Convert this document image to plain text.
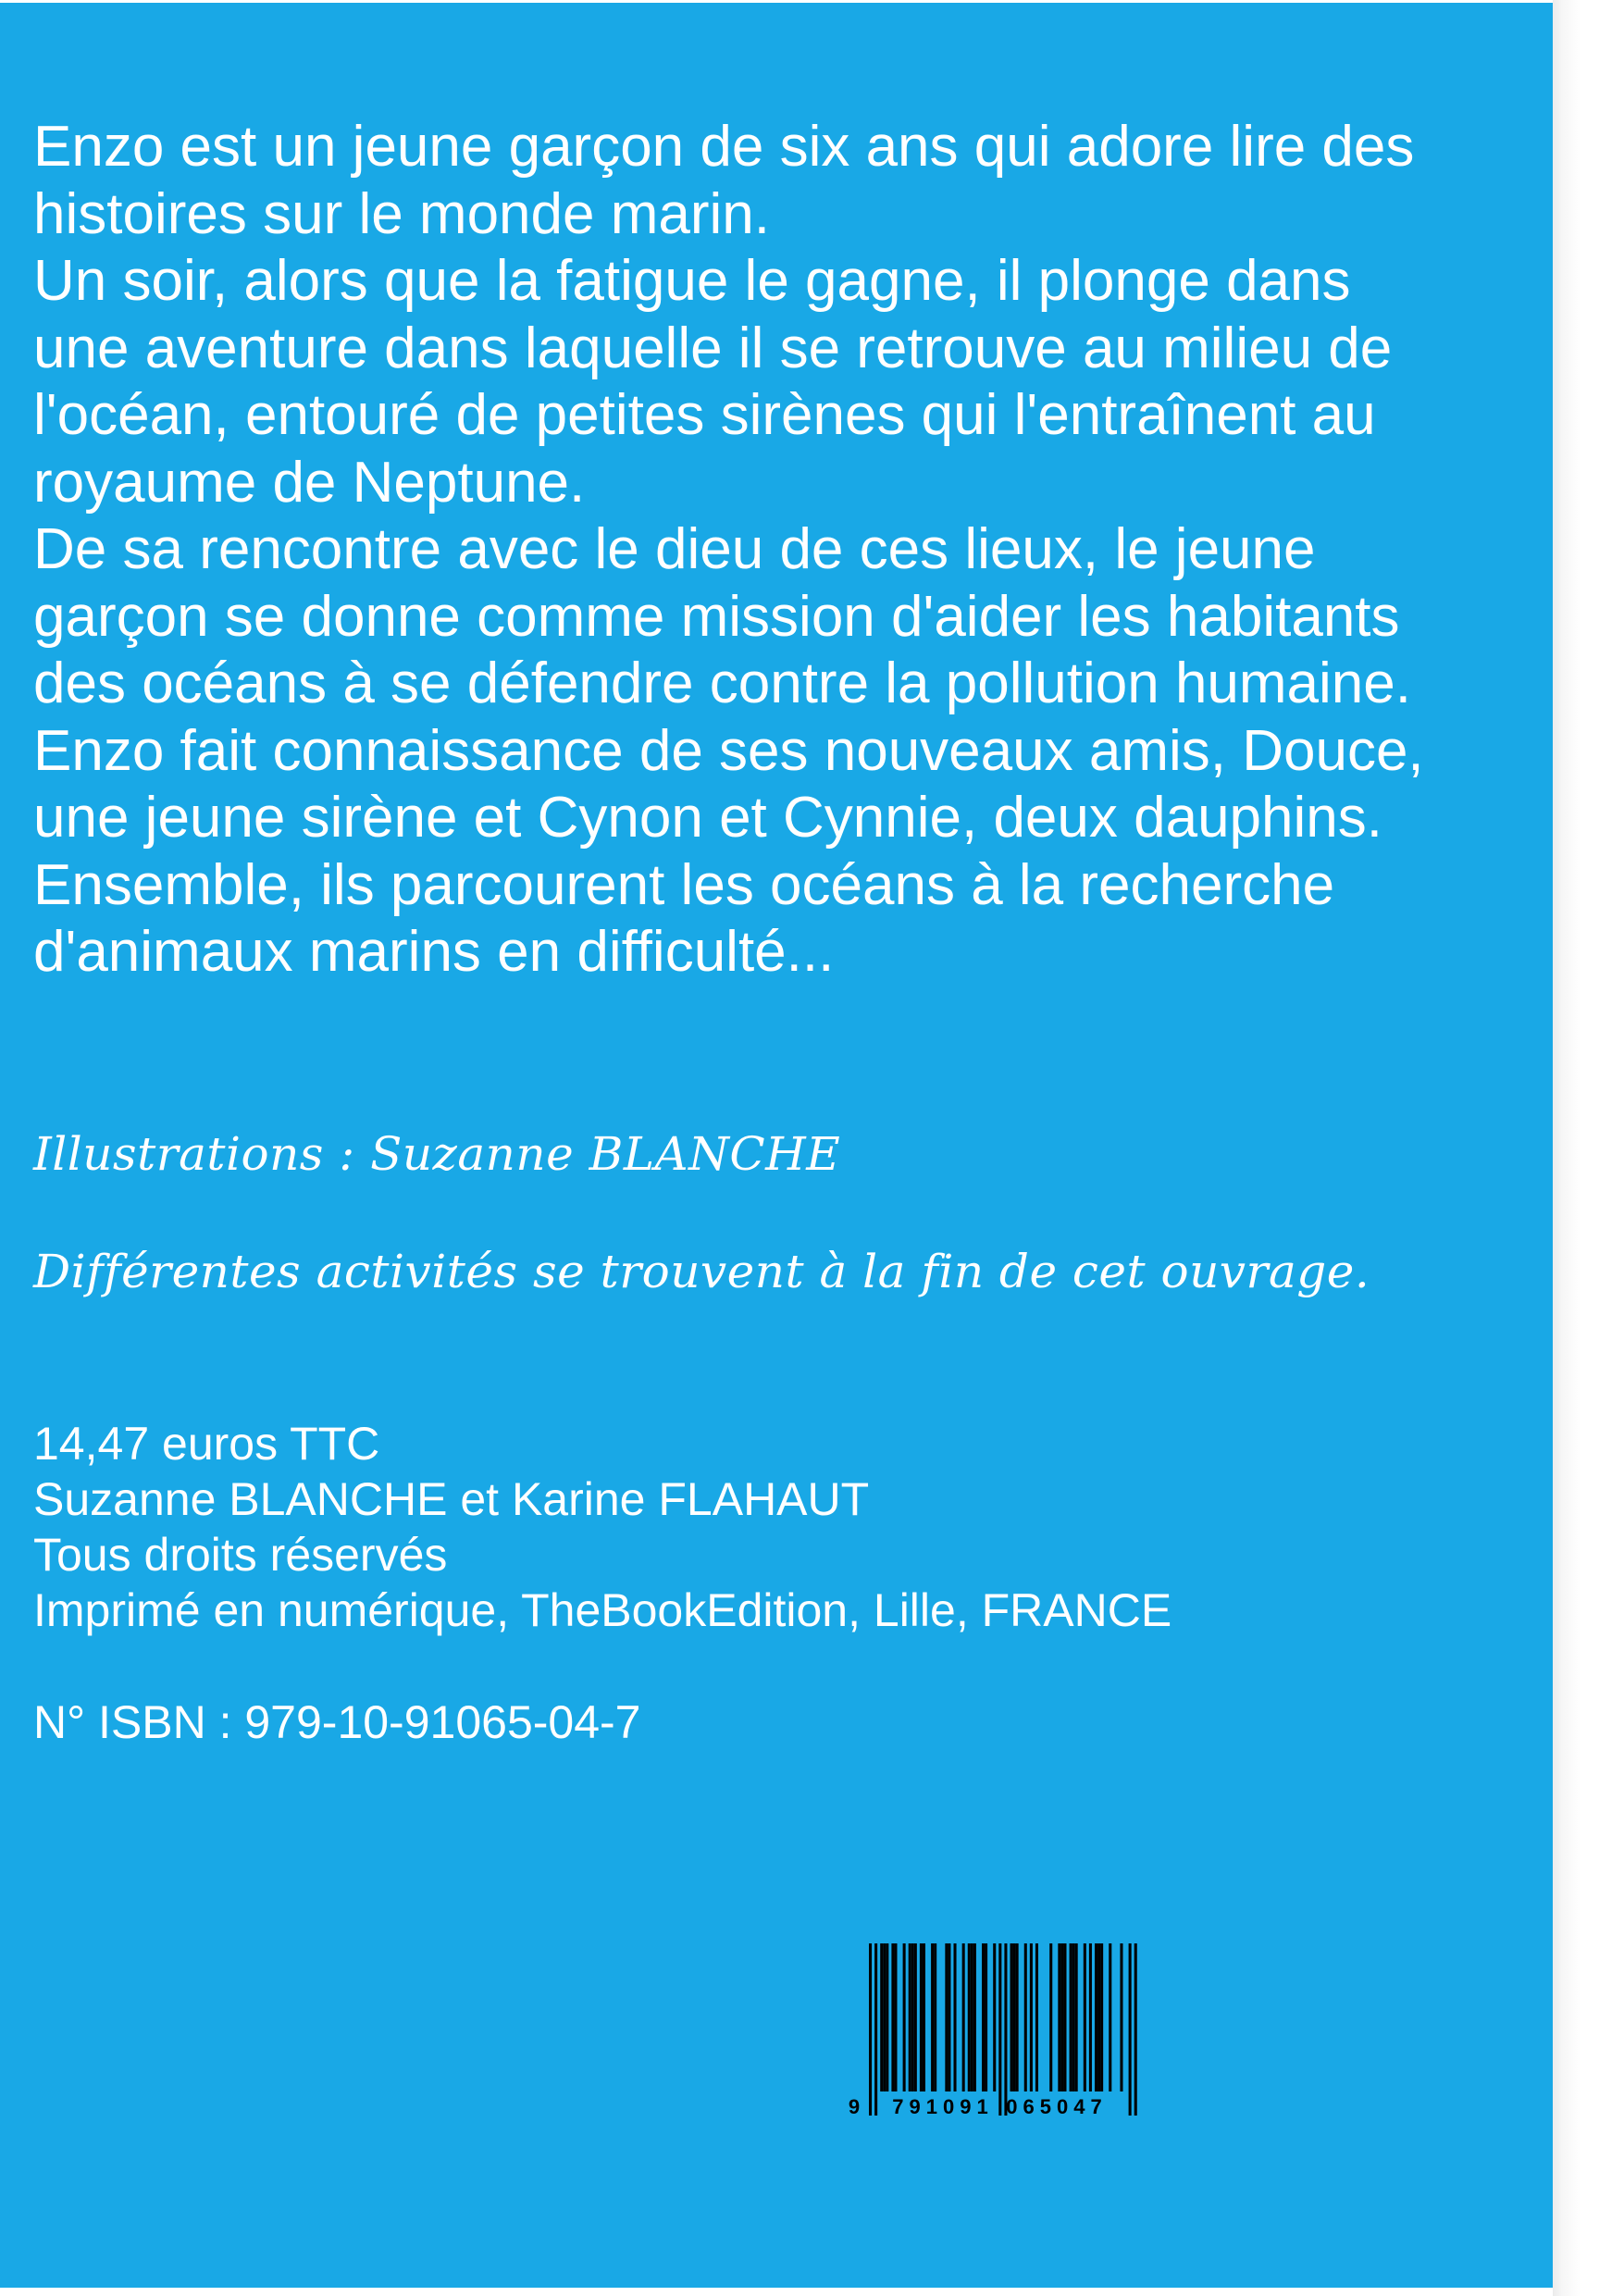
Enzo est un jeune garçon de six ans qui adore lire des
histoires sur le monde marin.
Un soir, alors que la fatigue le gagne, il plonge dans
une aventure dans laquelle il se retrouve au milieu de
l'océan, entouré de petites sirènes qui l'entraînent au
royaume de Neptune.
De sa rencontre avec le dieu de ces lieux, le jeune
garçon se donne comme mission d'aider les habitants
des océans à se défendre contre la pollution humaine.
Enzo fait connaissance de ses nouveaux amis, Douce,
une jeune sirène et Cynon et Cynnie, deux dauphins.
Ensemble, ils parcourent les océans à la recherche
d'animaux marins en difficulté...
Illustrations : Suzanne BLANCHE
Différentes activités se trouvent à la fin de cet ouvrage.
14,47 euros TTC
Suzanne BLANCHE et Karine FLAHAUT
Tous droits réservés
Imprimé en numérique, TheBookEdition, Lille, FRANCE
N° ISBN : 979-10-91065-04-7
9 791091 065047
